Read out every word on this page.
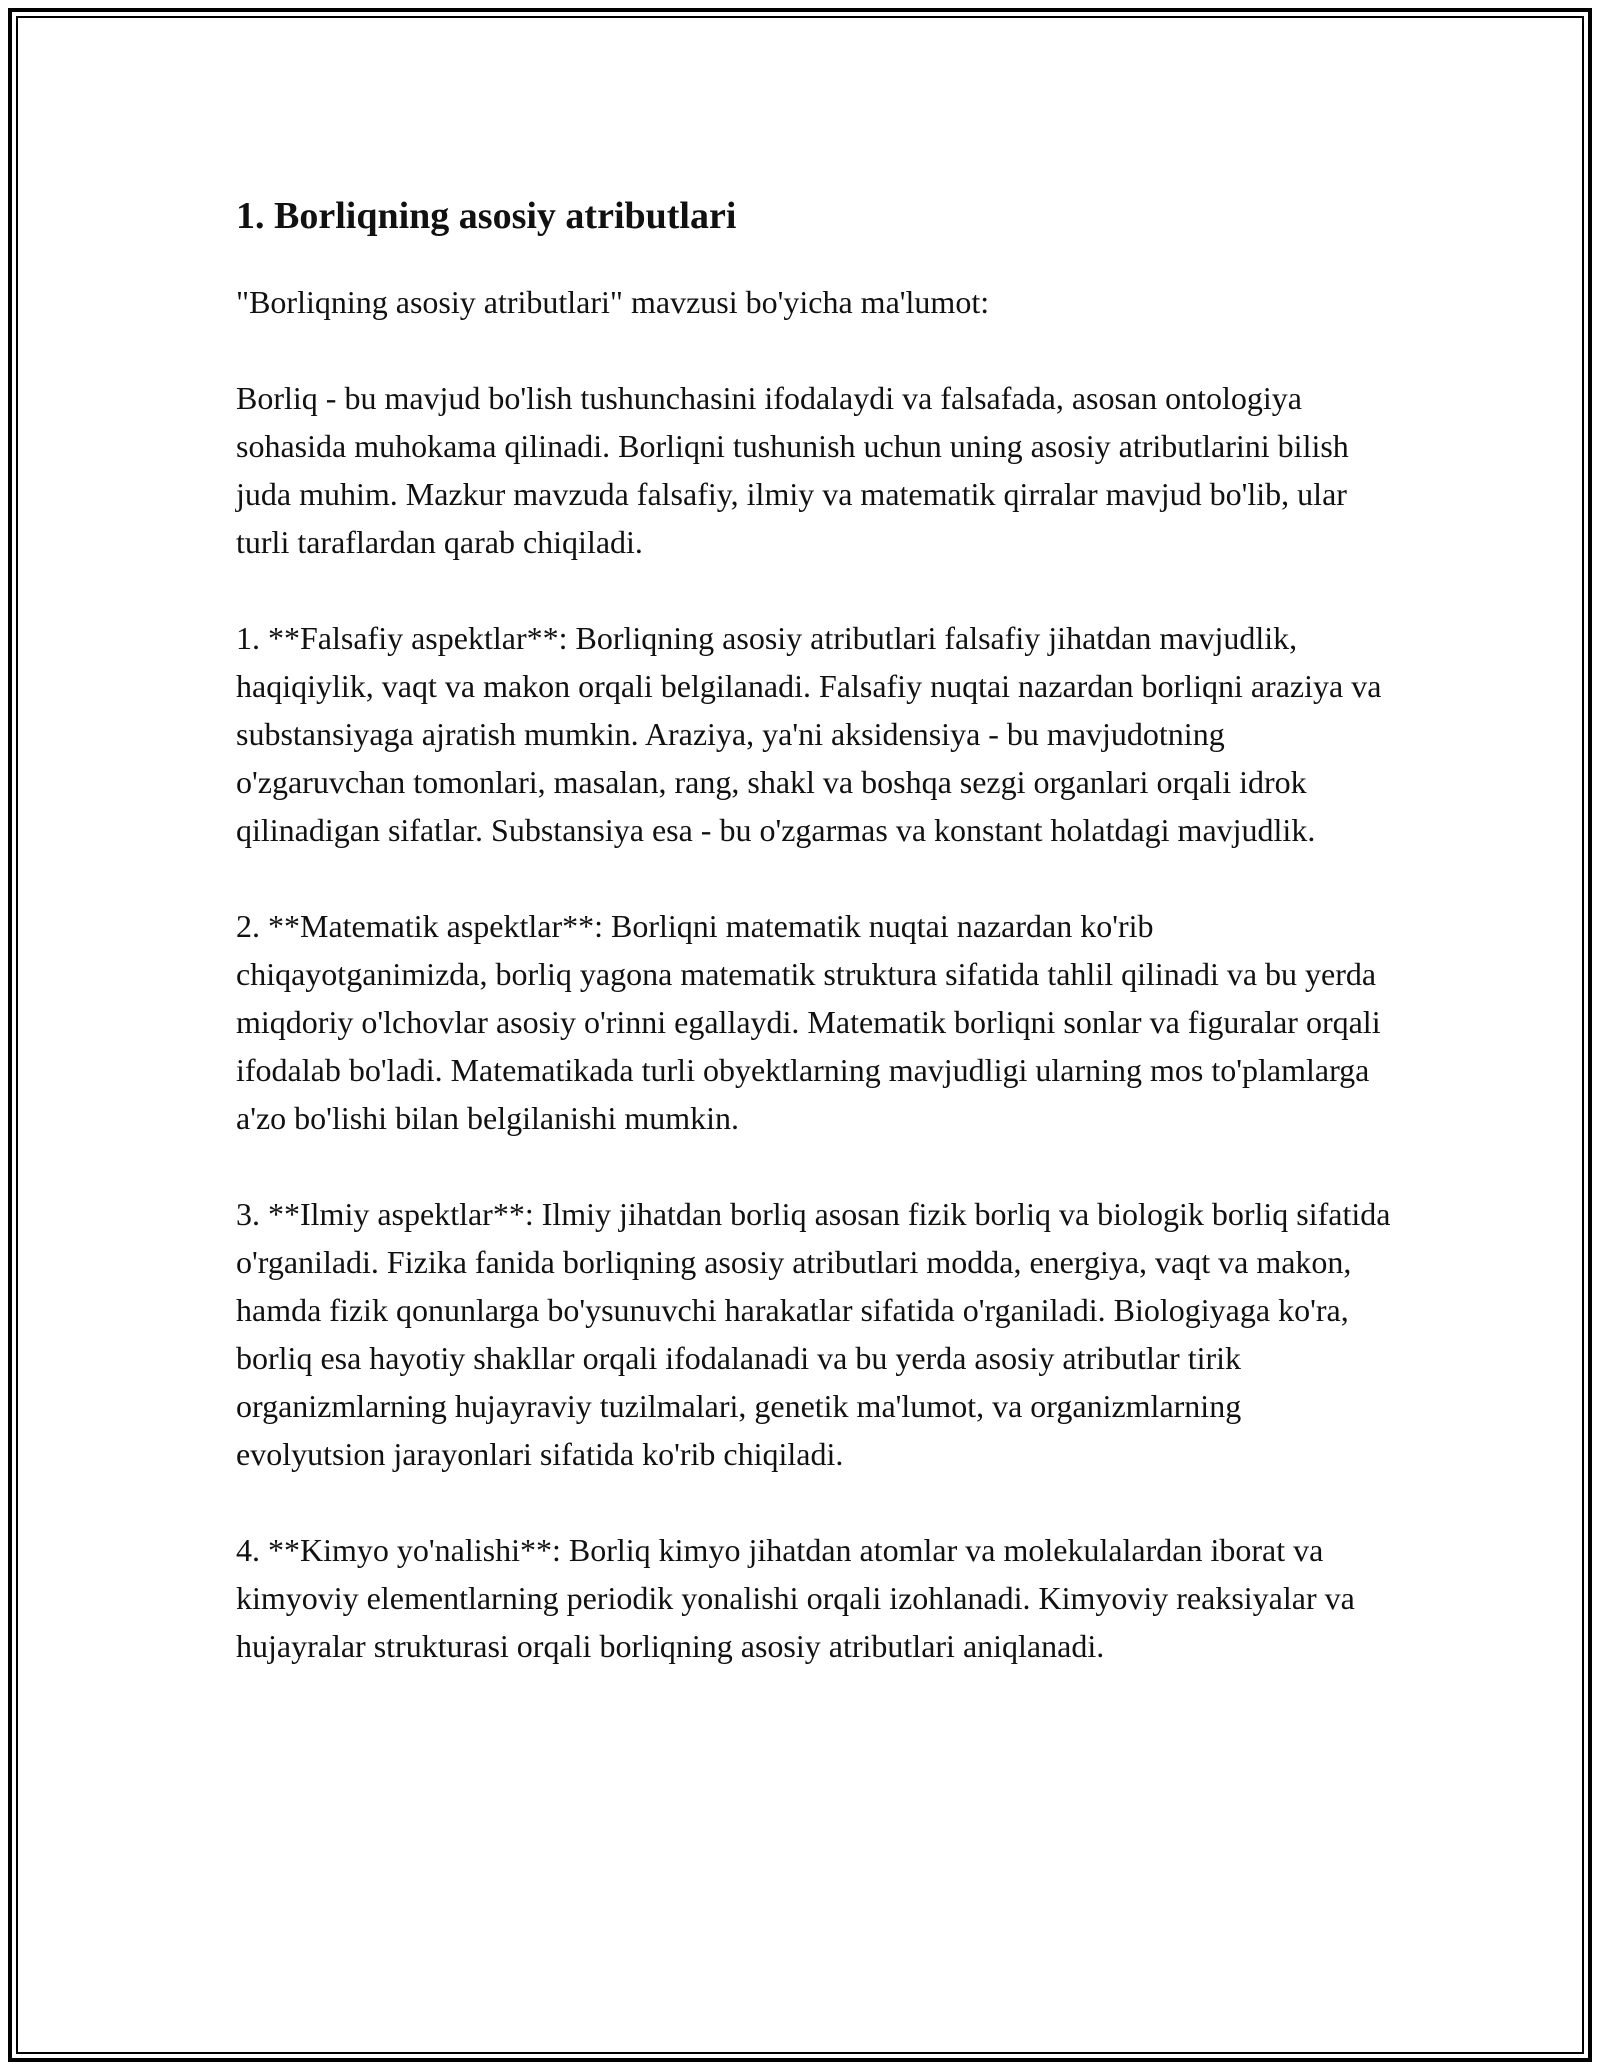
1. Borliqning asosiy atributlari

"Borliqning asosiy atributlari" mavzusi bo'yicha ma'lumot:

Borliq - bu mavjud bo'lish tushunchasini ifodalaydi va falsafada, asosan ontologiya sohasida muhokama qilinadi. Borliqni tushunish uchun uning asosiy atributlarini bilish juda muhim. Mazkur mavzuda falsafiy, ilmiy va matematik qirralar mavjud bo'lib, ular turli taraflardan qarab chiqiladi.

1. **Falsafiy aspektlar**: Borliqning asosiy atributlari falsafiy jihatdan mavjudlik, haqiqiylik, vaqt va makon orqali belgilanadi. Falsafiy nuqtai nazardan borliqni araziya va substansiyaga ajratish mumkin. Araziya, ya'ni aksidensiya - bu mavjudotning o'zgaruvchan tomonlari, masalan, rang, shakl va boshqa sezgi organlari orqali idrok qilinadigan sifatlar. Substansiya esa - bu o'zgarmas va konstant holatdagi mavjudlik.

2. **Matematik aspektlar**: Borliqni matematik nuqtai nazardan ko'rib chiqayotganimizda, borliq yagona matematik struktura sifatida tahlil qilinadi va bu yerda miqdoriy o'lchovlar asosiy o'rinni egallaydi. Matematik borliqni sonlar va figuralar orqali ifodalab bo'ladi. Matematikada turli obyektlarning mavjudligi ularning mos to'plamlarga a'zo bo'lishi bilan belgilanishi mumkin.

3. **Ilmiy aspektlar**: Ilmiy jihatdan borliq asosan fizik borliq va biologik borliq sifatida o'rganiladi. Fizika fanida borliqning asosiy atributlari modda, energiya, vaqt va makon, hamda fizik qonunlarga bo'ysunuvchi harakatlar sifatida o'rganiladi. Biologiyaga ko'ra, borliq esa hayotiy shakllar orqali ifodalanadi va bu yerda asosiy atributlar tirik organizmlarning hujayraviy tuzilmalari, genetik ma'lumot, va organizmlarning evolyutsion jarayonlari sifatida ko'rib chiqiladi.

4. **Kimyo yo'nalishi**: Borliq kimyo jihatdan atomlar va molekulalardan iborat va kimyoviy elementlarning periodik yonalishi orqali izohlanadi. Kimyoviy reaksiyalar va hujayralar strukturasi orqali borliqning asosiy atributlari aniqlanadi.
